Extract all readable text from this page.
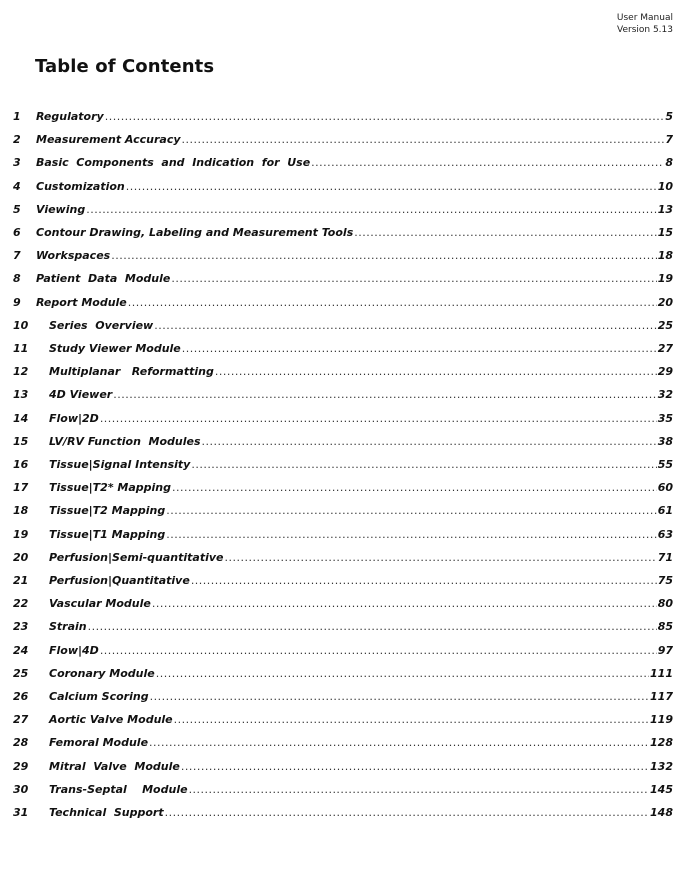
User Manual
Version 5.13
Table of Contents
1 Regulatory .....	5
2 Measurement Accuracy .....	7
3 Basic  Components  and  Indication  for  Use .....	8
4 Customization .....	10
5 Viewing .....	13
6 Contour Drawing, Labeling and Measurement Tools .....	15
7 Workspaces .....	18
8 Patient  Data  Module .....	19
9 Report Module .....	20
10 Series  Overview .....	25
11 Study Viewer Module .....	27
12 Multiplanar   Reformatting .....	29
13 4D Viewer .....	32
14 Flow|2D .....	35
15 LV/RV Function  Modules .....	38
16 Tissue|Signal Intensity .....	55
17 Tissue|T2* Mapping .....	60
18 Tissue|T2 Mapping .....	61
19 Tissue|T1 Mapping .....	63
20 Perfusion|Semi-quantitative .....	71
21 Perfusion|Quantitative .....	75
22 Vascular Module .....	80
23 Strain .....	85
24 Flow|4D .....	97
25 Coronary Module .....	111
26 Calcium Scoring .....	117
27 Aortic Valve Module .....	119
28 Femoral Module .....	128
29 Mitral  Valve  Module .....	132
30 Trans-Septal    Module .....	145
31 Technical  Support .....	148
